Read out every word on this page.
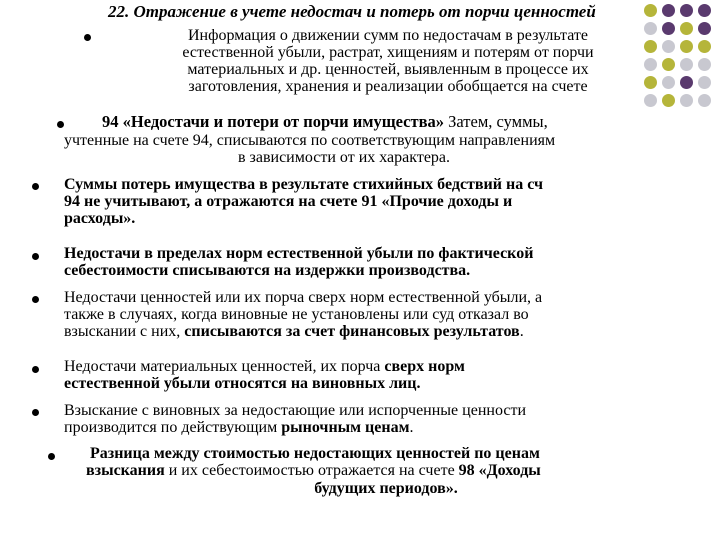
22. Отражение в учете недостач и потерь от порчи ценностей

Информация о движении сумм по недостачам в результате

естественной убыли, растрат, хищениям и потерям от порчи

материальных и др. ценностей, выявленным в процессе их

заготовления, хранения и реализации обобщается на счете

94 «Недостачи и потери от порчи имущества» Затем, суммы,

учтенные на счете 94, списываются по соответствующим направлениям

в зависимости от их характера.

Суммы потерь имущества в результате стихийных бедствий на сч

94 не учитывают, а отражаются на счете 91 «Прочие доходы и

расходы».

Недостачи в пределах норм естественной убыли по фактической

себестоимости списываются на издержки производства.

Недостачи ценностей или их порча сверх норм естественной убыли, а

также в случаях, когда виновные не установлены или суд отказал во

взыскании с них, списываются за счет финансовых результатов.

Недостачи материальных ценностей, их порча сверх норм

естественной убыли относятся на виновных лиц.

Взыскание с виновных за недостающие или испорченные ценности

производится по действующим рыночным ценам.

Разница между стоимостью недостающих ценностей по ценам

взыскания и их себестоимостью отражается на счете 98 «Доходы

будущих периодов».
